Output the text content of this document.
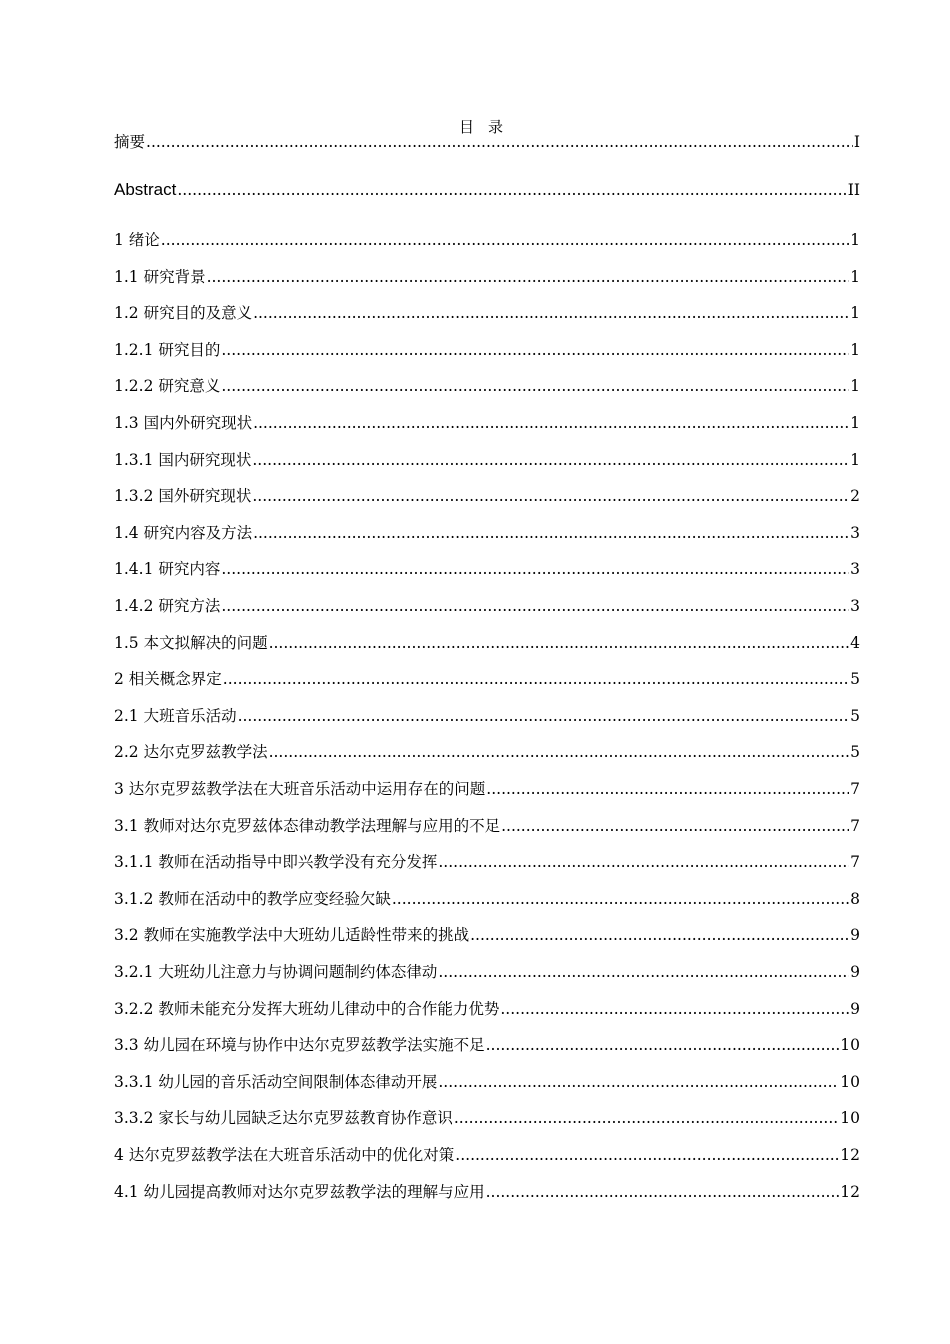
目录
摘要 .....	I
Abstract .....	II
1 绪论 .....	1
1.1 研究背景 .....	1
1.2 研究目的及意义 .....	1
1.2.1 研究目的 .....	1
1.2.2 研究意义 .....	1
1.3 国内外研究现状 .....	1
1.3.1 国内研究现状 .....	1
1.3.2 国外研究现状 .....	2
1.4 研究内容及方法 .....	3
1.4.1 研究内容 .....	3
1.4.2 研究方法 .....	3
1.5 本文拟解决的问题 .....	4
2 相关概念界定 .....	5
2.1 大班音乐活动 .....	5
2.2 达尔克罗兹教学法 .....	5
3 达尔克罗兹教学法在大班音乐活动中运用存在的问题 .....	7
3.1 教师对达尔克罗兹体态律动教学法理解与应用的不足 .....	7
3.1.1 教师在活动指导中即兴教学没有充分发挥 .....	7
3.1.2 教师在活动中的教学应变经验欠缺 .....	8
3.2 教师在实施教学法中大班幼儿适龄性带来的挑战 .....	9
3.2.1 大班幼儿注意力与协调问题制约体态律动 .....	9
3.2.2 教师未能充分发挥大班幼儿律动中的合作能力优势 .....	9
3.3 幼儿园在环境与协作中达尔克罗兹教学法实施不足 .....	10
3.3.1 幼儿园的音乐活动空间限制体态律动开展 .....	10
3.3.2 家长与幼儿园缺乏达尔克罗兹教育协作意识 .....	10
4 达尔克罗兹教学法在大班音乐活动中的优化对策 .....	12
4.1 幼儿园提高教师对达尔克罗兹教学法的理解与应用 .....	12
